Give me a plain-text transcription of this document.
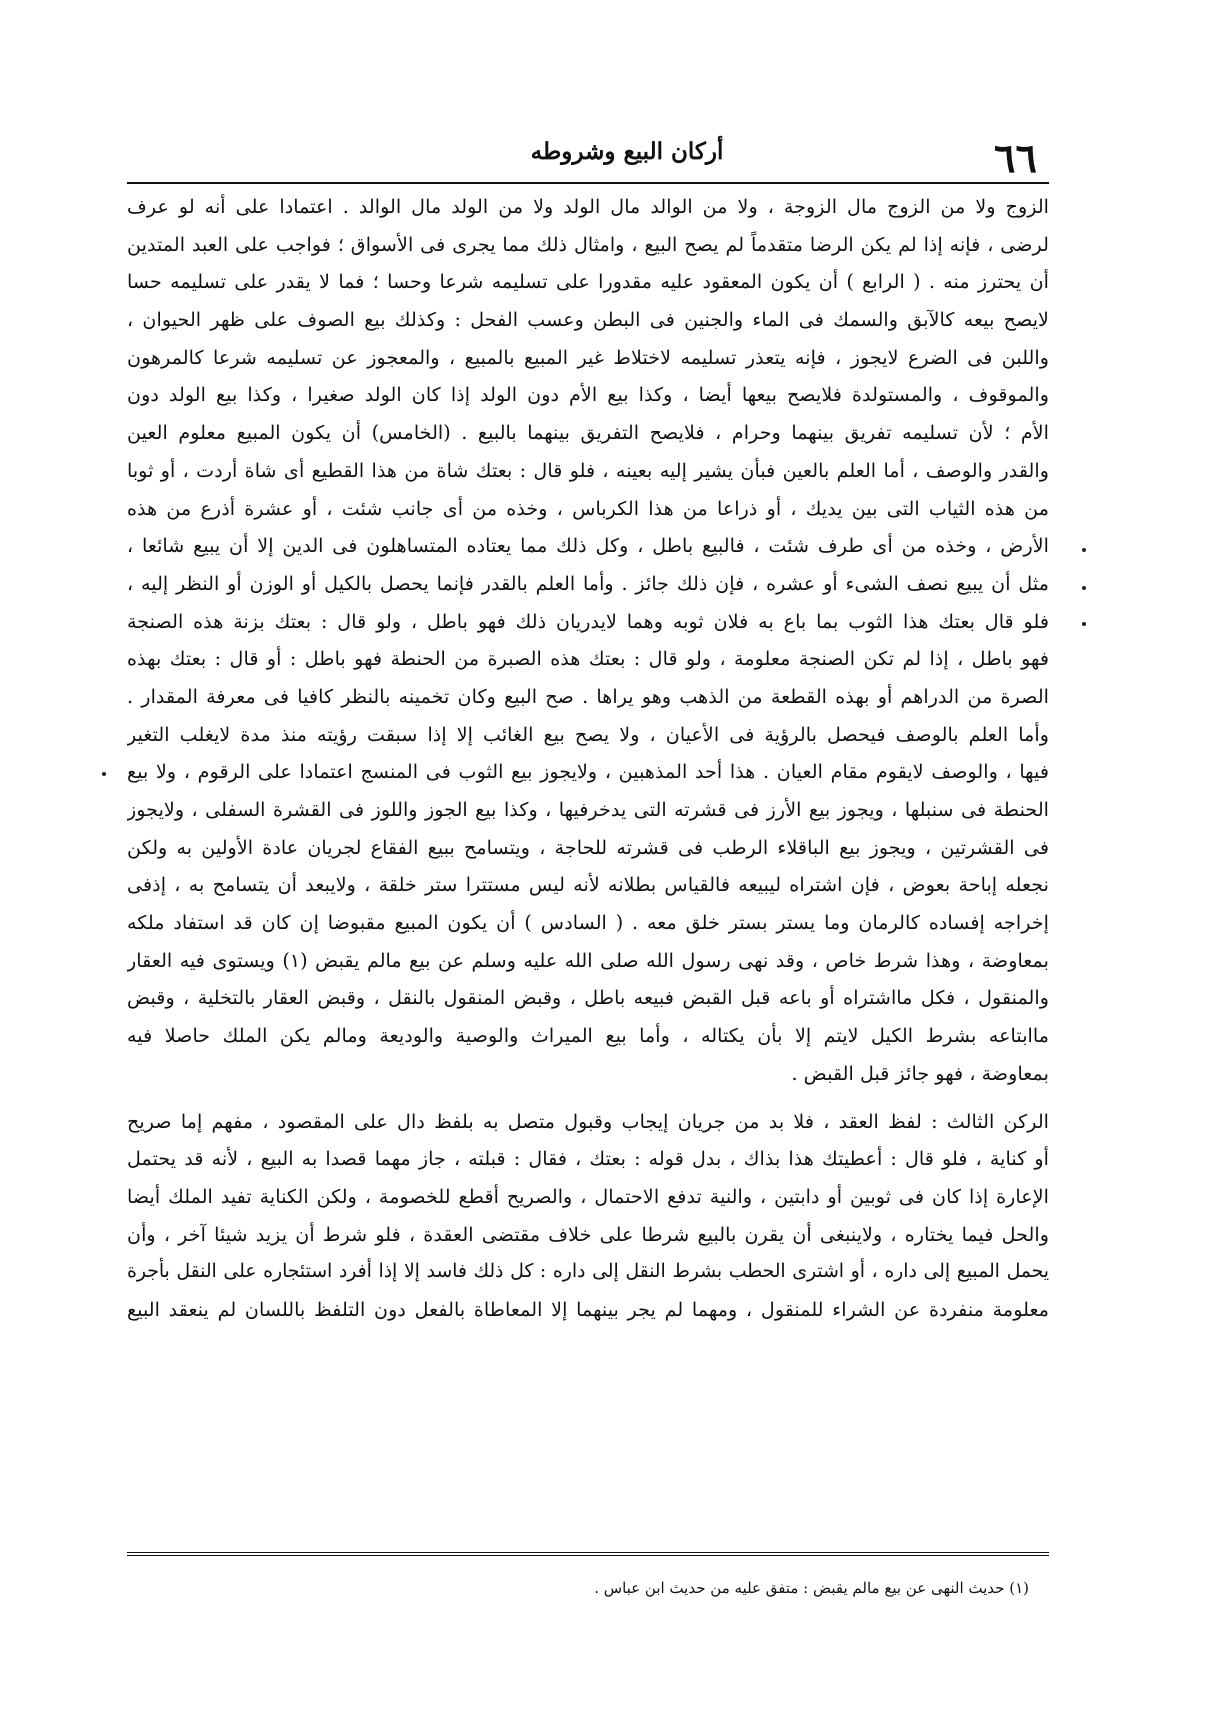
٦٦
أركان البيع وشروطه
الزوج ولا من الزوج مال الزوجة ، ولا من الوالد مال الولد ولا من الولد مال الوالد . اعتمادا على أنه لو عرف
لرضى ، فإنه إذا لم يكن الرضا متقدماً لم يصح البيع ، وامثال ذلك مما يجرى فى الأسواق ؛ فواجب على العبد المتدين
أن يحترز منه . ( الرابع ) أن يكون المعقود عليه مقدورا على تسليمه شرعا وحسا ؛ فما لا يقدر على تسليمه حسا
لايصح بيعه كالآبق والسمك فى الماء والجنين فى البطن وعسب الفحل : وكذلك بيع الصوف على ظهر الحيوان ،
واللبن فى الضرع لايجوز ، فإنه يتعذر تسليمه لاختلاط غير المبيع بالمبيع ، والمعجوز عن تسليمه شرعا كالمرهون
والموقوف ، والمستولدة فلايصح بيعها أيضا ، وكذا بيع الأم دون الولد إذا كان الولد صغيرا ، وكذا بيع الولد دون
الأم ؛ لأن تسليمه تفريق بينهما وحرام ، فلايصح التفريق بينهما بالبيع . (الخامس) أن يكون المبيع معلوم العين
والقدر والوصف ، أما العلم بالعين فبأن يشير إليه بعينه ، فلو قال : بعتك شاة من هذا القطيع أى شاة أردت ، أو ثوبا
من هذه الثياب التى بين يديك ، أو ذراعا من هذا الكرباس ، وخذه من أى جانب شئت ، أو عشرة أذرع من هذه
الأرض ، وخذه من أى طرف شئت ، فالبيع باطل ، وكل ذلك مما يعتاده المتساهلون فى الدين إلا أن يبيع شائعا ،
مثل أن يبيع نصف الشىء أو عشره ، فإن ذلك جائز . وأما العلم بالقدر فإنما يحصل بالكيل أو الوزن أو النظر إليه ،
فلو قال بعتك هذا الثوب بما باع به فلان ثوبه وهما لايدريان ذلك فهو باطل ، ولو قال : بعتك بزنة هذه الصنجة
فهو باطل ، إذا لم تكن الصنجة معلومة ، ولو قال : بعتك هذه الصبرة من الحنطة فهو باطل : أو قال : بعتك بهذه
الصرة من الدراهم أو بهذه القطعة من الذهب وهو يراها . صح البيع وكان تخمينه بالنظر كافيا فى معرفة المقدار .
وأما العلم بالوصف فيحصل بالرؤية فى الأعيان ، ولا يصح بيع الغائب إلا إذا سبقت رؤيته منذ مدة لايغلب التغير
فيها ، والوصف لايقوم مقام العيان . هذا أحد المذهبين ، ولايجوز بيع الثوب فى المنسج اعتمادا على الرقوم ، ولا بيع
الحنطة فى سنبلها ، ويجوز بيع الأرز فى قشرته التى يدخرفيها ، وكذا بيع الجوز واللوز فى القشرة السفلى ، ولايجوز
فى القشرتين ، ويجوز بيع الباقلاء الرطب فى قشرته للحاجة ، ويتسامح ببيع الفقاع لجريان عادة الأولين به ولكن
نجعله إباحة بعوض ، فإن اشتراه ليبيعه فالقياس بطلانه لأنه ليس مستترا ستر خلقة ، ولايبعد أن يتسامح به ، إذفى
إخراجه إفساده كالرمان وما يستر بستر خلق معه . ( السادس ) أن يكون المبيع مقبوضا إن كان قد استفاد ملكه
بمعاوضة ، وهذا شرط خاص ، وقد نهى رسول الله صلى الله عليه وسلم عن بيع مالم يقبض (١) ويستوى فيه العقار
والمنقول ، فكل مااشتراه أو باعه قبل القبض فبيعه باطل ، وقبض المنقول بالنقل ، وقبض العقار بالتخلية ، وقبض
ماابتاعه بشرط الكيل لايتم إلا بأن يكتاله ، وأما بيع الميراث والوصية والوديعة ومالم يكن الملك حاصلا فيه
بمعاوضة ، فهو جائز قبل القبض .
الركن الثالث : لفظ العقد ، فلا بد من جريان إيجاب وقبول متصل به بلفظ دال على المقصود ، مفهم إما صريح
أو كناية ، فلو قال : أعطيتك هذا بذاك ، بدل قوله : بعتك ، فقال : قبلته ، جاز مهما قصدا به البيع ، لأنه قد يحتمل
الإعارة إذا كان فى ثوبين أو دابتين ، والنية تدفع الاحتمال ، والصريح أقطع للخصومة ، ولكن الكناية تفيد الملك أيضا
والحل فيما يختاره ، ولاينبغى أن يقرن بالبيع شرطا على خلاف مقتضى العقدة ، فلو شرط أن يزيد شيئا آخر ، وأن
يحمل المبيع إلى داره ، أو اشترى الحطب بشرط النقل إلى داره : كل ذلك فاسد إلا إذا أفرد استئجاره على النقل بأجرة
معلومة منفردة عن الشراء للمنقول ، ومهما لم يجر بينهما إلا المعاطاة بالفعل دون التلفظ باللسان لم ينعقد البيع
(١) حديث النهى عن بيع مالم يقبض : متفق عليه من حديث ابن عباس .
